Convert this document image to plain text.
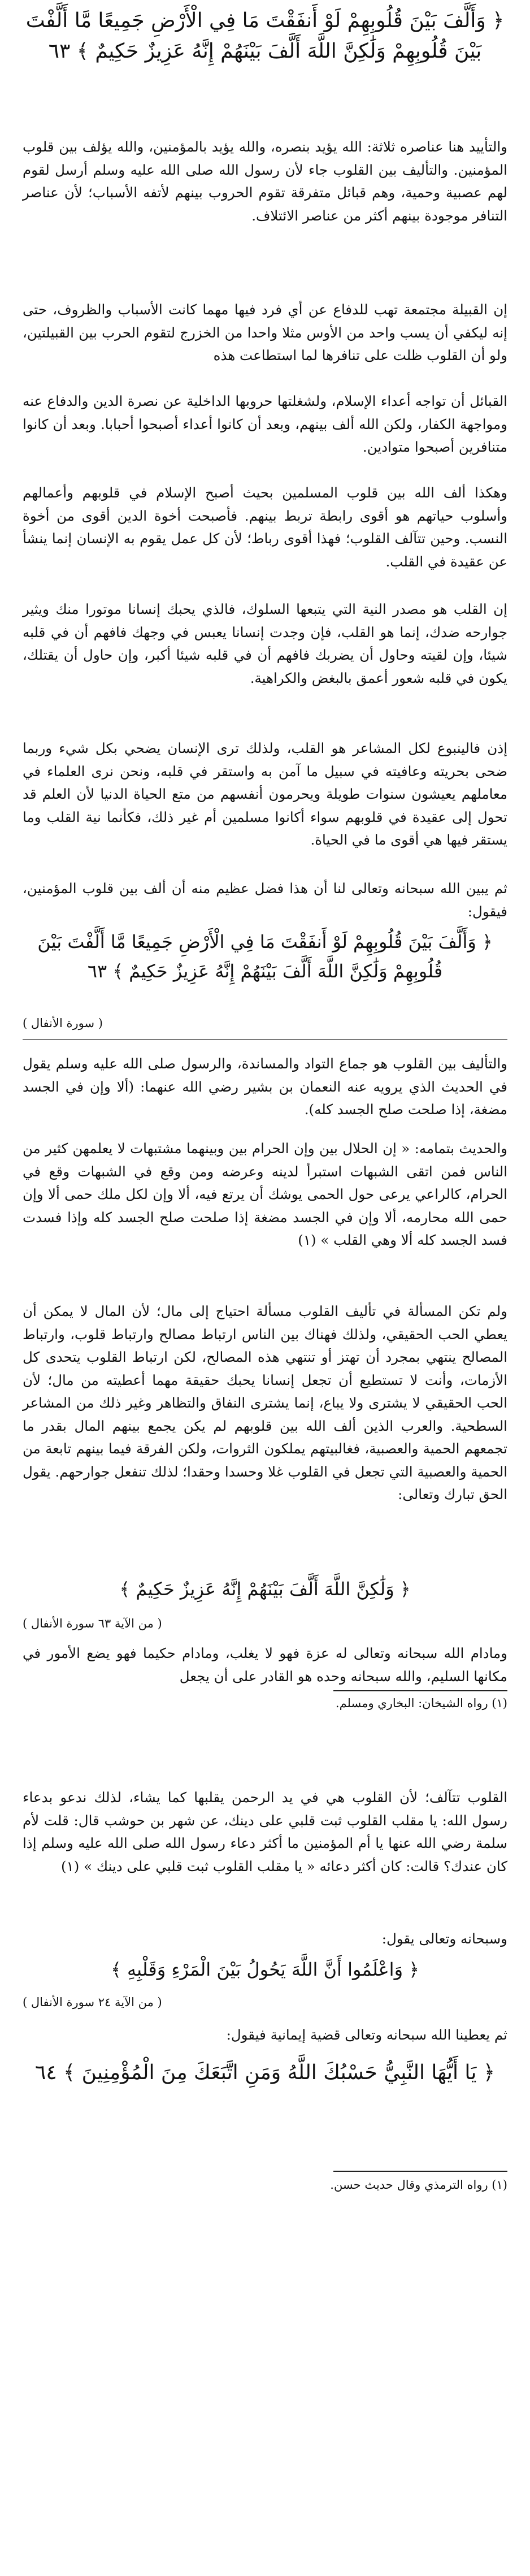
﴿ وَأَلَّفَ بَيْنَ قُلُوبِهِمْ لَوْ أَنفَقْتَ مَا فِي الْأَرْضِ جَمِيعًا مَّا أَلَّفْتَ بَيْنَ قُلُوبِهِمْ وَلَٰكِنَّ اللَّهَ أَلَّفَ بَيْنَهُمْ إِنَّهُ عَزِيزٌ حَكِيمٌ ﴾ ٦٣

والتأييد هنا عناصره ثلاثة: الله يؤيد بنصره، والله يؤيد بالمؤمنين، والله يؤلف بين قلوب المؤمنين. والتأليف بين القلوب جاء لأن رسول الله صلى الله عليه وسلم أرسل لقوم لهم عصبية وحمية، وهم قبائل متفرقة تقوم الحروب بينهم لأتفه الأسباب؛ لأن عناصر التنافر موجودة بينهم أكثر من عناصر الائتلاف.

إن القبيلة مجتمعة تهب للدفاع عن أي فرد فيها مهما كانت الأسباب والظروف، حتى إنه ليكفي أن يسب واحد من الأوس مثلا واحدا من الخزرج لتقوم الحرب بين القبيلتين، ولو أن القلوب ظلت على تنافرها لما استطاعت هذه

القبائل أن تواجه أعداء الإسلام، ولشغلتها حروبها الداخلية عن نصرة الدين والدفاع عنه ومواجهة الكفار، ولكن الله ألف بينهم، وبعد أن كانوا أعداء أصبحوا أحبابا. وبعد أن كانوا متنافرين أصبحوا متوادين.

وهكذا ألف الله بين قلوب المسلمين بحيث أصبح الإسلام في قلوبهم وأعمالهم وأسلوب حياتهم هو أقوى رابطة تربط بينهم. فأصبحت أخوة الدين أقوى من أخوة النسب. وحين تتآلف القلوب؛ فهذا أقوى رباط؛ لأن كل عمل يقوم به الإنسان إنما ينشأ عن عقيدة في القلب.

إن القلب هو مصدر النية التي يتبعها السلوك، فالذي يحبك إنسانا موتورا منك ويثير جوارحه ضدك، إنما هو القلب، فإن وجدت إنسانا يعبس في وجهك فافهم أن في قلبه شيئا، وإن لقيته وحاول أن يضربك فافهم أن في قلبه شيئا أكبر، وإن حاول أن يقتلك، يكون في قلبه شعور أعمق بالبغض والكراهية.

إذن فالينبوع لكل المشاعر هو القلب، ولذلك ترى الإنسان يضحي بكل شيء وربما ضحى بحريته وعافيته في سبيل ما آمن به واستقر في قلبه، ونحن نرى العلماء في معاملهم يعيشون سنوات طويلة ويحرمون أنفسهم من متع الحياة الدنيا لأن العلم قد تحول إلى عقيدة في قلوبهم سواء أكانوا مسلمين أم غير ذلك، فكأنما نية القلب وما يستقر فيها هي أقوى ما في الحياة.

ثم يبين الله سبحانه وتعالى لنا أن هذا فضل عظيم منه أن ألف بين قلوب المؤمنين، فيقول:

﴿ وَأَلَّفَ بَيْنَ قُلُوبِهِمْ لَوْ أَنفَقْتَ مَا فِي الْأَرْضِ جَمِيعًا مَّا أَلَّفْتَ بَيْنَ قُلُوبِهِمْ وَلَٰكِنَّ اللَّهَ أَلَّفَ بَيْنَهُمْ إِنَّهُ عَزِيزٌ حَكِيمٌ ﴾ ٦٣

( سورة الأنفال )

والتأليف بين القلوب هو جماع التواد والمساندة، والرسول صلى الله عليه وسلم يقول في الحديث الذي يرويه عنه النعمان بن بشير رضي الله عنهما: (ألا وإن في الجسد مضغة، إذا صلحت صلح الجسد كله).

والحديث بتمامه: « إن الحلال بين وإن الحرام بين وبينهما مشتبهات لا يعلمهن كثير من الناس فمن اتقى الشبهات استبرأ لدينه وعرضه ومن وقع في الشبهات وقع في الحرام، كالراعي يرعى حول الحمى يوشك أن يرتع فيه، ألا وإن لكل ملك حمى ألا وإن حمى الله محارمه، ألا وإن في الجسد مضغة إذا صلحت صلح الجسد كله وإذا فسدت فسد الجسد كله ألا وهي القلب » (١)

ولم تكن المسألة في تأليف القلوب مسألة احتياج إلى مال؛ لأن المال لا يمكن أن يعطي الحب الحقيقي، ولذلك فهناك بين الناس ارتباط مصالح وارتباط قلوب، وارتباط المصالح ينتهي بمجرد أن تهتز أو تنتهي هذه المصالح، لكن ارتباط القلوب يتحدى كل الأزمات، وأنت لا تستطيع أن تجعل إنسانا يحبك حقيقة مهما أعطيته من مال؛ لأن الحب الحقيقي لا يشترى ولا يباع، إنما يشترى النفاق والتظاهر وغير ذلك من المشاعر السطحية. والعرب الذين ألف الله بين قلوبهم لم يكن يجمع بينهم المال بقدر ما تجمعهم الحمية والعصبية، فغالبيتهم يملكون الثروات، ولكن الفرقة فيما بينهم تابعة من الحمية والعصبية التي تجعل في القلوب غلا وحسدا وحقدا؛ لذلك تنفعل جوارحهم. يقول الحق تبارك وتعالى:

﴿ وَلَٰكِنَّ اللَّهَ أَلَّفَ بَيْنَهُمْ إِنَّهُ عَزِيزٌ حَكِيمٌ ﴾

( من الآية ٦٣ سورة الأنفال )

ومادام الله سبحانه وتعالى له عزة فهو لا يغلب، ومادام حكيما فهو يضع الأمور في مكانها السليم، والله سبحانه وحده هو القادر على أن يجعل

(١) رواه الشيخان: البخاري ومسلم.

القلوب تتآلف؛ لأن القلوب هي في يد الرحمن يقلبها كما يشاء، لذلك ندعو بدعاء رسول الله: يا مقلب القلوب ثبت قلبي على دينك، عن شهر بن حوشب قال: قلت لأم سلمة رضي الله عنها يا أم المؤمنين ما أكثر دعاء رسول الله صلى الله عليه وسلم إذا كان عندك؟ قالت: كان أكثر دعائه « يا مقلب القلوب ثبت قلبي على دينك » (١)

وسبحانه وتعالى يقول:

﴿ وَاعْلَمُوا أَنَّ اللَّهَ يَحُولُ بَيْنَ الْمَرْءِ وَقَلْبِهِ ﴾

( من الآية ٢٤ سورة الأنفال )

ثم يعطينا الله سبحانه وتعالى قضية إيمانية فيقول:

﴿ يَا أَيُّهَا النَّبِيُّ حَسْبُكَ اللَّهُ وَمَنِ اتَّبَعَكَ مِنَ الْمُؤْمِنِينَ ﴾ ٦٤

(١) رواه الترمذي وقال حديث حسن.
